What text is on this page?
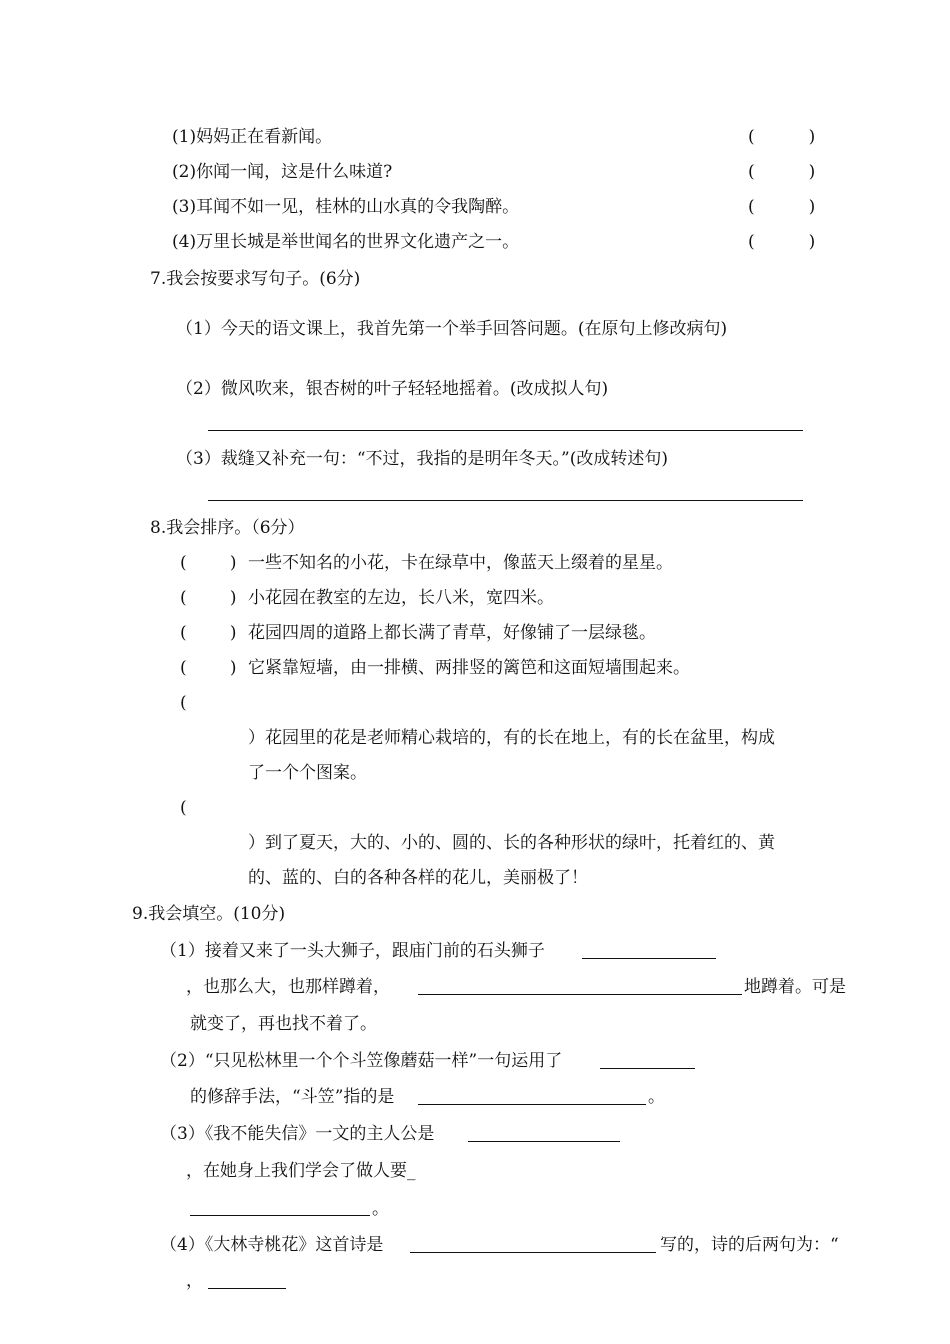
(1)妈妈正在看新闻。	(          )
(2)你闻一闻，这是什么味道?	(          )
(3)耳闻不如一见，桂林的山水真的令我陶醉。	(          )
(4)万里长城是举世闻名的世界文化遗产之一。	(          )
7.我会按要求写句子。(6分)
（1）今天的语文课上，我首先第一个举手回答问题。(在原句上修改病句)
（2）微风吹来，银杏树的叶子轻轻地摇着。(改成拟人句)
（3）裁缝又补充一句：“不过，我指的是明年冬天。”(改成转述句)
8.我会排序。（6分）
(        ) 一些不知名的小花，卡在绿草中，像蓝天上缀着的星星。
(        ) 小花园在教室的左边，长八米，宽四米。
(        ) 花园四周的道路上都长满了青草，好像铺了一层绿毯。
(        ) 它紧靠短墙，由一排横、两排竖的篱笆和这面短墙围起来。
(
）花园里的花是老师精心栽培的，有的长在地上，有的长在盆里，构成
了一个个图案。
(
）到了夏天，大的、小的、圆的、长的各种形状的绿叶，托着红的、黄
的、蓝的、白的各种各样的花儿，美丽极了！
9.我会填空。(10分)
（1）接着又来了一头大狮子，跟庙门前的石头狮子
，也那么大，也那样蹲着，	地蹲着。可是
就变了，再也找不着了。
（2）“只见松林里一个个斗笠像蘑菇一样”一句运用了
的修辞手法，“斗笠”指的是	。
（3）《我不能失信》一文的主人公是
，在她身上我们学会了做人要_
。
（4）《大林寺桃花》这首诗是	写的，诗的后两句为：“
，
